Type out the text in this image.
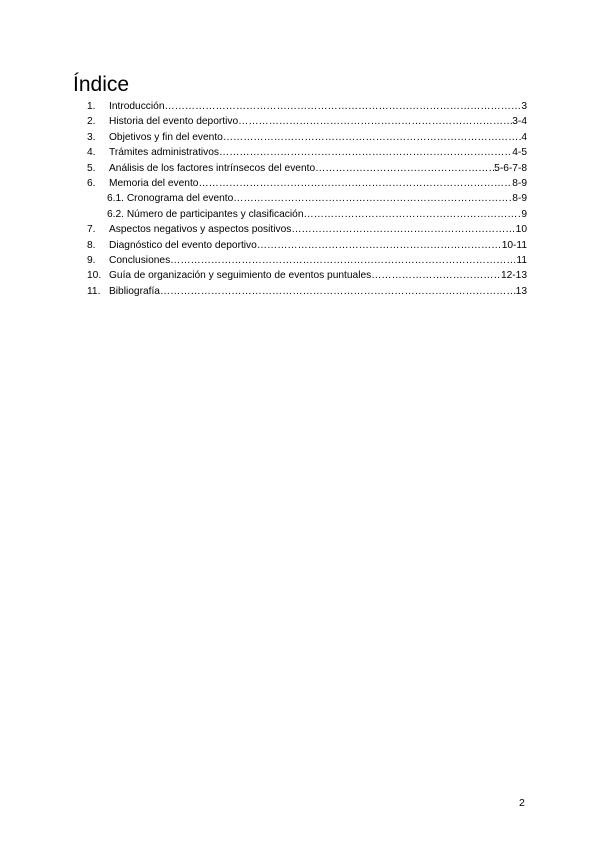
Índice
1.	Introducción …………………………………………………………………………………………………………………………………………………………………………	3
2.	Historia del evento deportivo …………………………………………………………………………………………………………………………………………………………………………	3-4
3.	Objetivos y fin del evento …………………………………………………………………………………………………………………………………………………………………………	4
4.	Trámites administrativos …………………………………………………………………………………………………………………………………………………………………………	4-5
5.	Análisis de los factores intrínsecos del evento …………………………………………………………………………………………………………………………………………………………………………	5-6-7-8
6.	Memoria del evento …………………………………………………………………………………………………………………………………………………………………………	8-9
6.1. Cronograma del evento …………………………………………………………………………………………………………………………………………………………………………	8-9
6.2. Número de participantes y clasificación …………………………………………………………………………………………………………………………………………………………………………	9
7.	Aspectos negativos y aspectos positivos …………………………………………………………………………………………………………………………………………………………………………	10
8.	Diagnóstico del evento deportivo …………………………………………………………………………………………………………………………………………………………………………	10-11
9.	Conclusiones …………………………………………………………………………………………………………………………………………………………………………	11
10. Guía de organización y seguimiento de eventos puntuales …………………………………………………………………………………………………………………………………………………………………………	12-13
11. Bibliografía …………………………………………………………………………………………………………………………………………………………………………	13
2
